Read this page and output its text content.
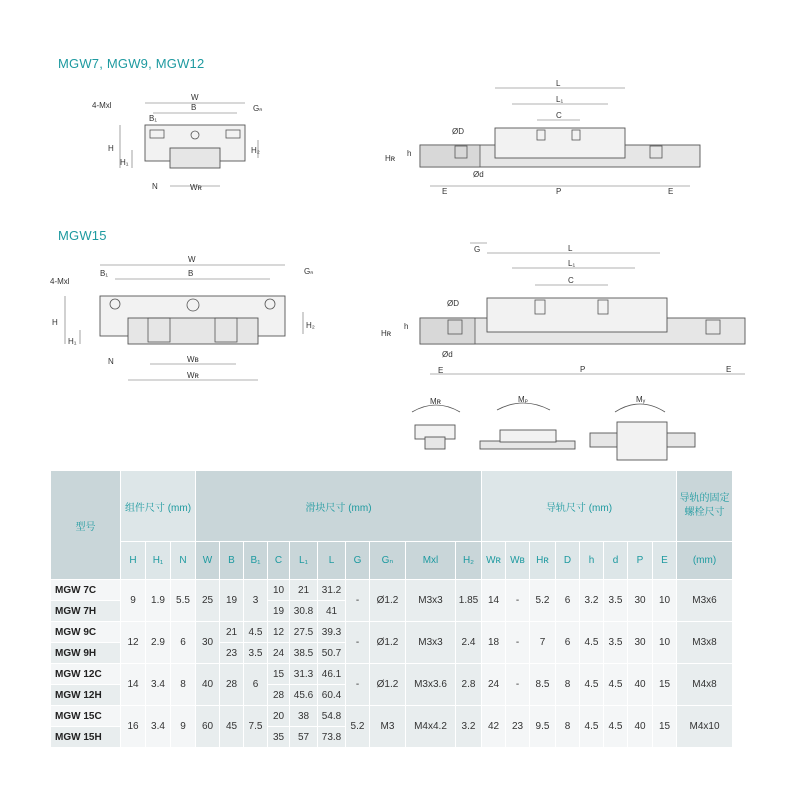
MGW7, MGW9, MGW12
MGW15
W
B
B₁
Gₙ
4-Mxl
H
H₁
H₂
N	Wʀ
L
L₁
C
ØD
Ød
Hʀ
h
E	P	E
W
B
B₁	Gₙ
4-Mxl
H
H₁
H₂
N	Wʙ
Wʀ
G	L
L₁
C
ØD
Ød
Hʀ
h
E	P	E
Mʀ	Mₚ	Mᵧ
型号	组件尺寸 (mm)			滑块尺寸 (mm)										导轨尺寸 (mm)								导轨的固定螺栓尺寸
	H	H₁	N	W	B	B₁	C	L₁	L	G	Gₙ	Mxl	H₂	Wʀ	Wʙ	Hʀ	D	h	d	P	E	(mm)
MGW 7C	9	1.9	5.5	25	19	3	10	21	31.2	-	Ø1.2	M3x3	1.85	14	-	5.2	6	3.2	3.5	30	10	M3x6
MGW 7H							19	30.8	41													
MGW 9C	12	2.9	6	30	21	4.5	12	27.5	39.3	-	Ø1.2	M3x3	2.4	18	-	7	6	4.5	3.5	30	10	M3x8
MGW 9H					23	3.5	24	38.5	50.7													
MGW 12C	14	3.4	8	40	28	6	15	31.3	46.1	-	Ø1.2	M3x3.6	2.8	24	-	8.5	8	4.5	4.5	40	15	M4x8
MGW 12H							28	45.6	60.4													
MGW 15C	16	3.4	9	60	45	7.5	20	38	54.8	5.2	M3	M4x4.2	3.2	42	23	9.5	8	4.5	4.5	40	15	M4x10
MGW 15H							35	57	73.8													
